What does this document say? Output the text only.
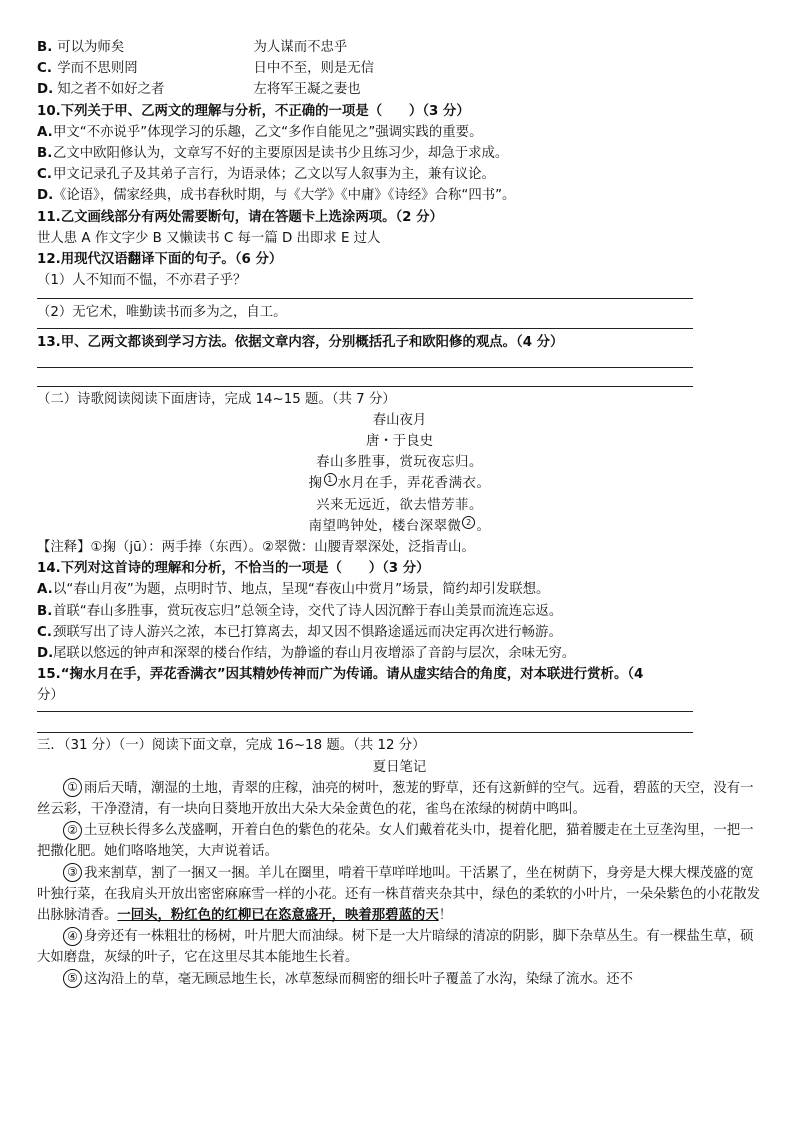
B. 可以为师矣	为人谋而不忠乎
C. 学而不思则罔	日中不至，则是无信
D. 知之者不如好之者	左将军王凝之妻也
10.下列关于甲、乙两文的理解与分析，不正确的一项是（　　）（3 分）
A.甲文“不亦说乎”体现学习的乐趣，乙文“多作自能见之”强调实践的重要。
B.乙文中欧阳修认为，文章写不好的主要原因是读书少且练习少，却急于求成。
C.甲文记录孔子及其弟子言行，为语录体；乙文以写人叙事为主，兼有议论。
D.《论语》，儒家经典，成书春秋时期，与《大学》《中庸》《诗经》合称“四书”。
11.乙文画线部分有两处需要断句，请在答题卡上选涂两项。（2 分）
世人患 A 作文字少 B 又懒读书 C 每一篇 D 出即求 E 过人
12.用现代汉语翻译下面的句子。（6 分）
（1）人不知而不愠，不亦君子乎？
（2）无它术，唯勤读书而多为之，自工。
13.甲、乙两文都谈到学习方法。依据文章内容，分别概括孔子和欧阳修的观点。（4 分）
（二）诗歌阅读阅读下面唐诗，完成 14~15 题。（共 7 分）
春山夜月
唐・于良史
春山多胜事，赏玩夜忘归。
掬 1 水月在手，弄花香满衣。
兴来无远近，欲去惜芳菲。
南望鸣钟处，楼台深翠微 2 。
【注释】①掬（jū）：两手捧（东西）。②翠微：山腰青翠深处，泛指青山。
14.下列对这首诗的理解和分析，不恰当的一项是（　　）（3 分）
A.以“春山月夜”为题，点明时节、地点，呈现“春夜山中赏月”场景，简约却引发联想。
B.首联“春山多胜事，赏玩夜忘归”总领全诗，交代了诗人因沉醉于春山美景而流连忘返。
C.颈联写出了诗人游兴之浓，本已打算离去，却又因不惧路途遥远而决定再次进行畅游。
D.尾联以悠远的钟声和深翠的楼台作结，为静谧的春山月夜增添了音韵与层次，余味无穷。
15.“掬水月在手，弄花香满衣”因其精妙传神而广为传诵。请从虚实结合的角度，对本联进行赏析。（4
分）
三．（31 分）（一）阅读下面文章，完成 16~18 题。（共 12 分）
夏日笔记

① 雨后天晴，潮湿的土地，青翠的庄稼，油亮的树叶，葱茏的野草，还有这新鲜的空气。远看，碧蓝的天空，没有一丝云彩，干净澄清，有一块向日葵地开放出大朵大朵金黄色的花，雀鸟在浓绿的树荫中鸣叫。

② 土豆秧长得多么茂盛啊，开着白色的紫色的花朵。女人们戴着花头巾，提着化肥，猫着腰走在土豆垄沟里，一把一把撒化肥。她们咯咯地笑，大声说着话。

③ 我来割草，割了一捆又一捆。羊儿在圈里，啃着干草咩咩地叫。干活累了，坐在树荫下，身旁是大棵大棵茂盛的宽叶独行菜，在我肩头开放出密密麻麻雪一样的小花。还有一株苜蓿夹杂其中，绿色的柔软的小叶片，一朵朵紫色的小花散发出脉脉清香。一回头，粉红色的红柳已在恣意盛开，映着那碧蓝的天！

④ 身旁还有一株粗壮的杨树，叶片肥大而油绿。树下是一大片暗绿的清凉的阴影，脚下杂草丛生。有一棵盐生草，硕大如磨盘，灰绿的叶子，它在这里尽其本能地生长着。

⑤ 这沟沿上的草，毫无顾忌地生长，冰草葱绿而稠密的细长叶子覆盖了水沟，染绿了流水。还不
